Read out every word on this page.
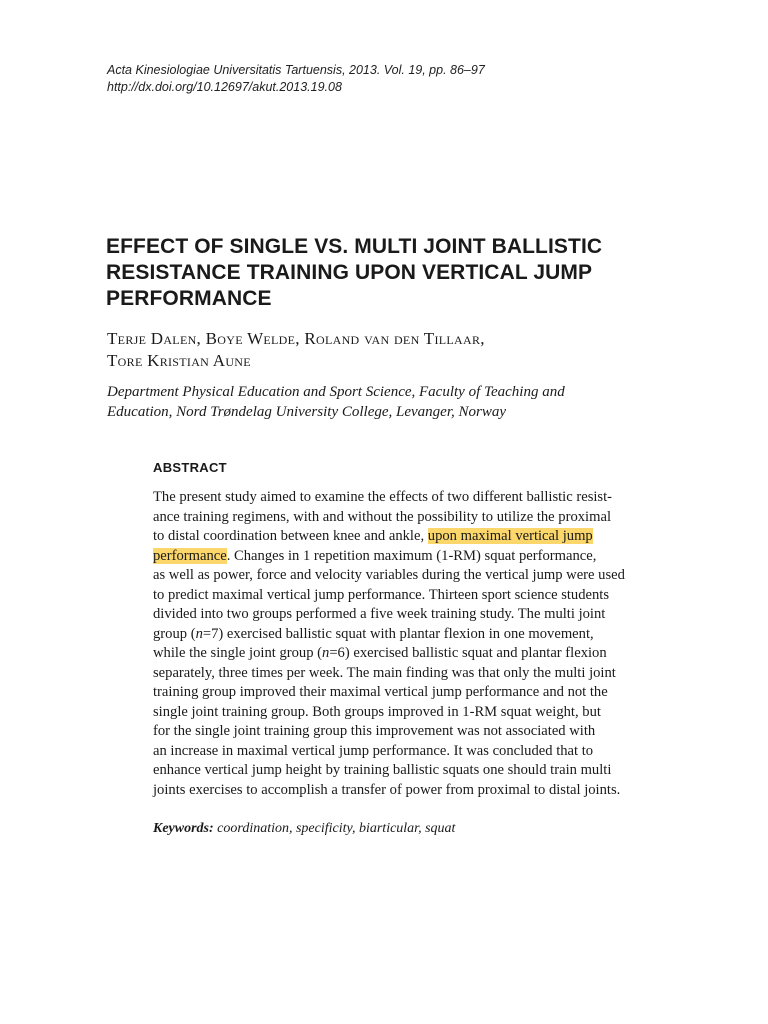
Acta Kinesiologiae Universitatis Tartuensis, 2013. Vol. 19, pp. 86–97
http://dx.doi.org/10.12697/akut.2013.19.08
EFFECT OF SINGLE VS. MULTI JOINT BALLISTIC
RESISTANCE TRAINING UPON VERTICAL JUMP
PERFORMANCE
Terje Dalen, Boye Welde, Roland van den Tillaar,
Tore Kristian Aune
Department Physical Education and Sport Science, Faculty of Teaching and
Education, Nord Trøndelag University College, Levanger, Norway
ABSTRACT
The present study aimed to examine the effects of two different ballistic resist-
ance training regimens, with and without the possibility to utilize the proximal
to distal coordination between knee and ankle, upon maximal vertical jump
performance. Changes in 1 repetition maximum (1-RM) squat performance,
as well as power, force and velocity variables during the vertical jump were used
to predict maximal vertical jump performance. Thirteen sport science students
divided into two groups performed a five week training study. The multi joint
group (n=7) exercised ballistic squat with plantar flexion in one movement,
while the single joint group (n=6) exercised ballistic squat and plantar flexion
separately, three times per week. The main finding was that only the multi joint
training group improved their maximal vertical jump performance and not the
single joint training group. Both groups improved in 1-RM squat weight, but
for the single joint training group this improvement was not associated with
an increase in maximal vertical jump performance. It was concluded that to
enhance vertical jump height by training ballistic squats one should train multi
joints exercises to accomplish a transfer of power from proximal to distal joints.
Keywords: coordination, specificity, biarticular, squat
